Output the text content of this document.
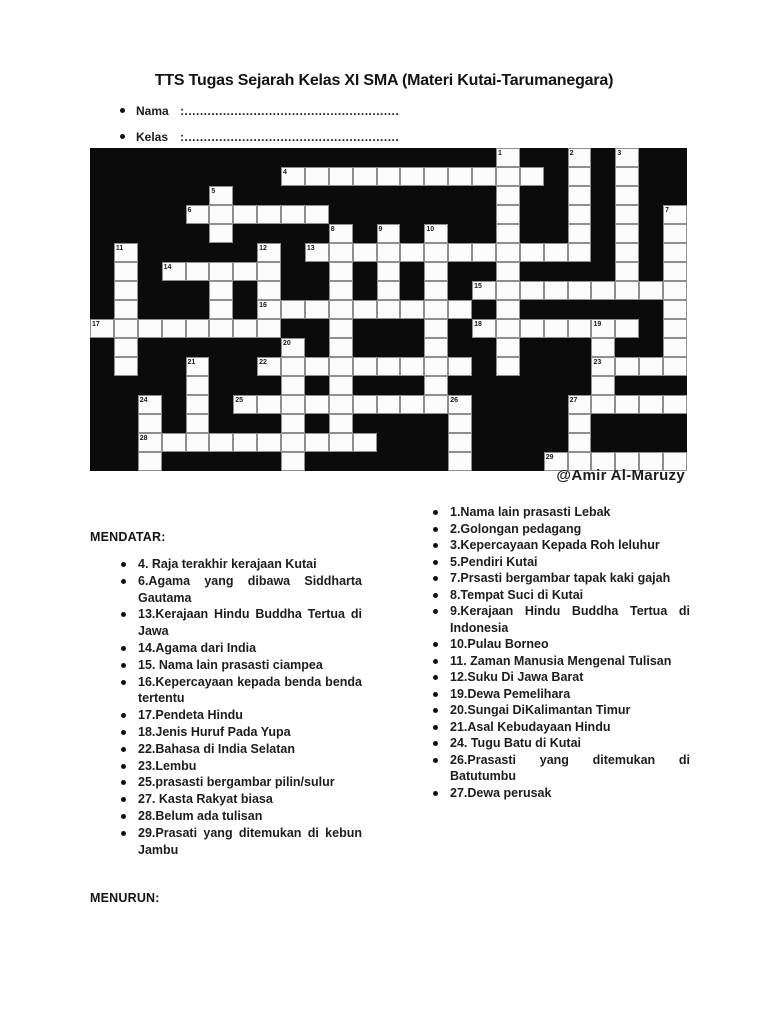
TTS Tugas Sejarah Kelas XI SMA (Materi Kutai-Tarumanegara)
Nama :........................................................
Kelas :........................................................
1	2	3
4
5
6	7
8	9	10
11	12	13
14
15
16
17	18	19
20
21	22	23
24	25	26	27
28
29
@Amir Al-Maruzy
MENDATAR:
4. Raja terakhir kerajaan Kutai
6.Agama yang dibawa Siddharta Gautama
13.Kerajaan Hindu Buddha Tertua di Jawa
14.Agama dari India
15. Nama lain prasasti ciampea
16.Kepercayaan kepada benda benda tertentu
17.Pendeta Hindu
18.Jenis Huruf Pada Yupa
22.Bahasa di India Selatan
23.Lembu
25.prasasti bergambar pilin/sulur
27. Kasta Rakyat biasa
28.Belum ada tulisan
29.Prasati yang ditemukan di kebun Jambu
1.Nama lain prasasti Lebak
2.Golongan pedagang
3.Kepercayaan Kepada Roh leluhur
5.Pendiri Kutai
7.Prsasti bergambar tapak kaki gajah
8.Tempat Suci di Kutai
9.Kerajaan Hindu Buddha Tertua di Indonesia
10.Pulau Borneo
11. Zaman Manusia Mengenal Tulisan
12.Suku Di Jawa Barat
19.Dewa Pemelihara
20.Sungai DiKalimantan Timur
21.Asal Kebudayaan Hindu
24. Tugu Batu di Kutai
26.Prasasti yang ditemukan di Batutumbu
27.Dewa perusak
MENURUN:
